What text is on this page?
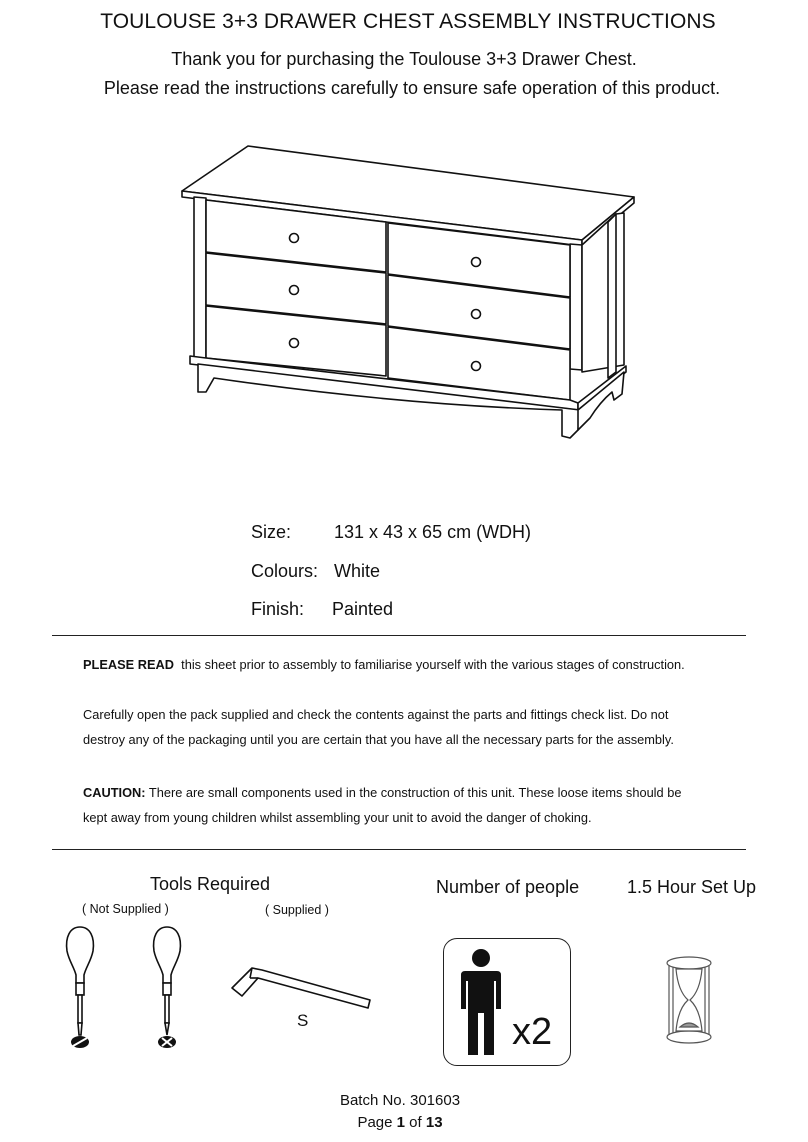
TOULOUSE 3+3 DRAWER CHEST ASSEMBLY INSTRUCTIONS
Thank you for purchasing the Toulouse 3+3 Drawer Chest.
Please read the instructions carefully to ensure safe operation of this product.
Size: 131 x 43 x 65 cm (WDH)
Colours: White
Finish: Painted
PLEASE READ this sheet prior to assembly to familiarise yourself with the various stages of construction.
Carefully open the pack supplied and check the contents against the parts and fittings check list. Do not
destroy any of the packaging until you are certain that you have all the necessary parts for the assembly.
CAUTION: There are small components used in the construction of this unit. These loose items should be
kept away from young children whilst assembling your unit to avoid the danger of choking.
Tools Required
( Not Supplied )	( Supplied )
S
Number of people
x2
1.5 Hour Set Up
Batch No. 301603
Page 1 of 13
